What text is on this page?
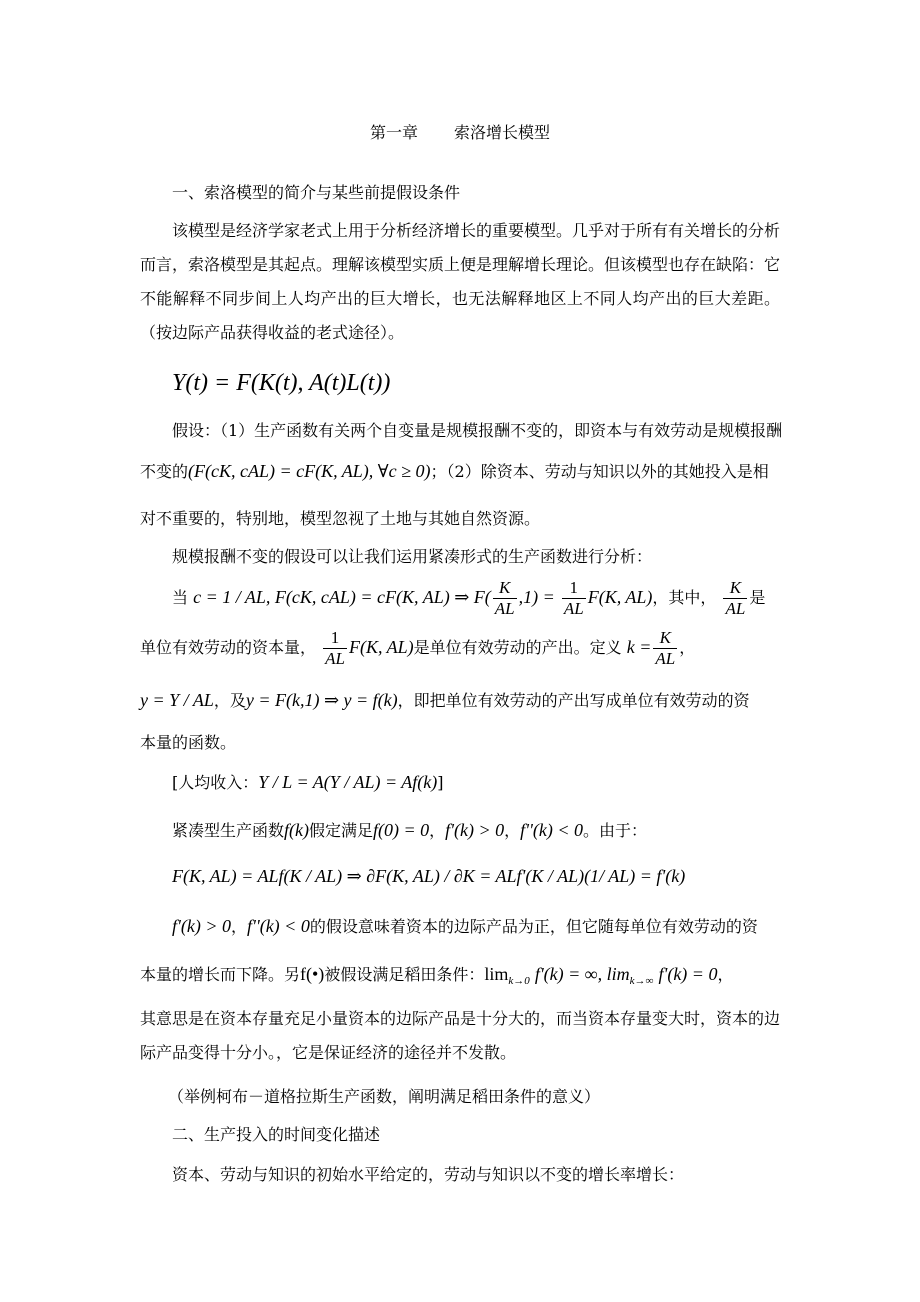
第一章 索洛增长模型
一、索洛模型的简介与某些前提假设条件
该模型是经济学家老式上用于分析经济增长的重要模型。几乎对于所有有关增长的分析而言，索洛模型是其起点。理解该模型实质上便是理解增长理论。但该模型也存在缺陷：它不能解释不同步间上人均产出的巨大增长，也无法解释地区上不同人均产出的巨大差距。（按边际产品获得收益的老式途径）。
Y(t) = F(K(t), A(t)L(t))
假设：（1）生产函数有关两个自变量是规模报酬不变的，即资本与有效劳动是规模报酬
不变的(F(cK, cAL) = cF(K, AL), ∀c ≥ 0)；（2）除资本、劳动与知识以外的其她投入是相
对不重要的，特别地，模型忽视了土地与其她自然资源。
规模报酬不变的假设可以让我们运用紧凑形式的生产函数进行分析：
当 c = 1 / AL, F(cK, cAL) = cF(K, AL) ⇒ $F( \frac{K}{AL} ,1) = \frac{1}{AL} F(K$, AL)，其中， $\frac{K}{AL}$ 是
单位有效劳动的资本量， $\frac{1}{AL} F(K$, AL)是单位有效劳动的产出。定义 $k = \frac{K}{AL}$ ，
y = Y / AL，及y = F(k,1) ⇒ y = f(k)，即把单位有效劳动的产出写成单位有效劳动的资
本量的函数。
[人均收入：Y / L = A(Y / AL) = Af(k)]
紧凑型生产函数f(k)假定满足f(0) = 0，f'(k) > 0，f''(k) < 0。由于：
F(K, AL) = ALf(K / AL) ⇒ ∂F(K, AL) / ∂K = ALf'(K / AL)(1/ AL) = f'(k)
f'(k) > 0，f''(k) < 0的假设意味着资本的边际产品为正，但它随每单位有效劳动的资
本量的增长而下降。另f(•)被假设满足稻田条件：$\lim_{k\to 0} f'(k)$ = ∞, $\lim_{k\to\infty} f'(k) = 0$，
其意思是在资本存量充足小量资本的边际产品是十分大的，而当资本存量变大时，资本的边际产品变得十分小。，它是保证经济的途径并不发散。
（举例柯布－道格拉斯生产函数，阐明满足稻田条件的意义）
二、生产投入的时间变化描述
资本、劳动与知识的初始水平给定的，劳动与知识以不变的增长率增长：
